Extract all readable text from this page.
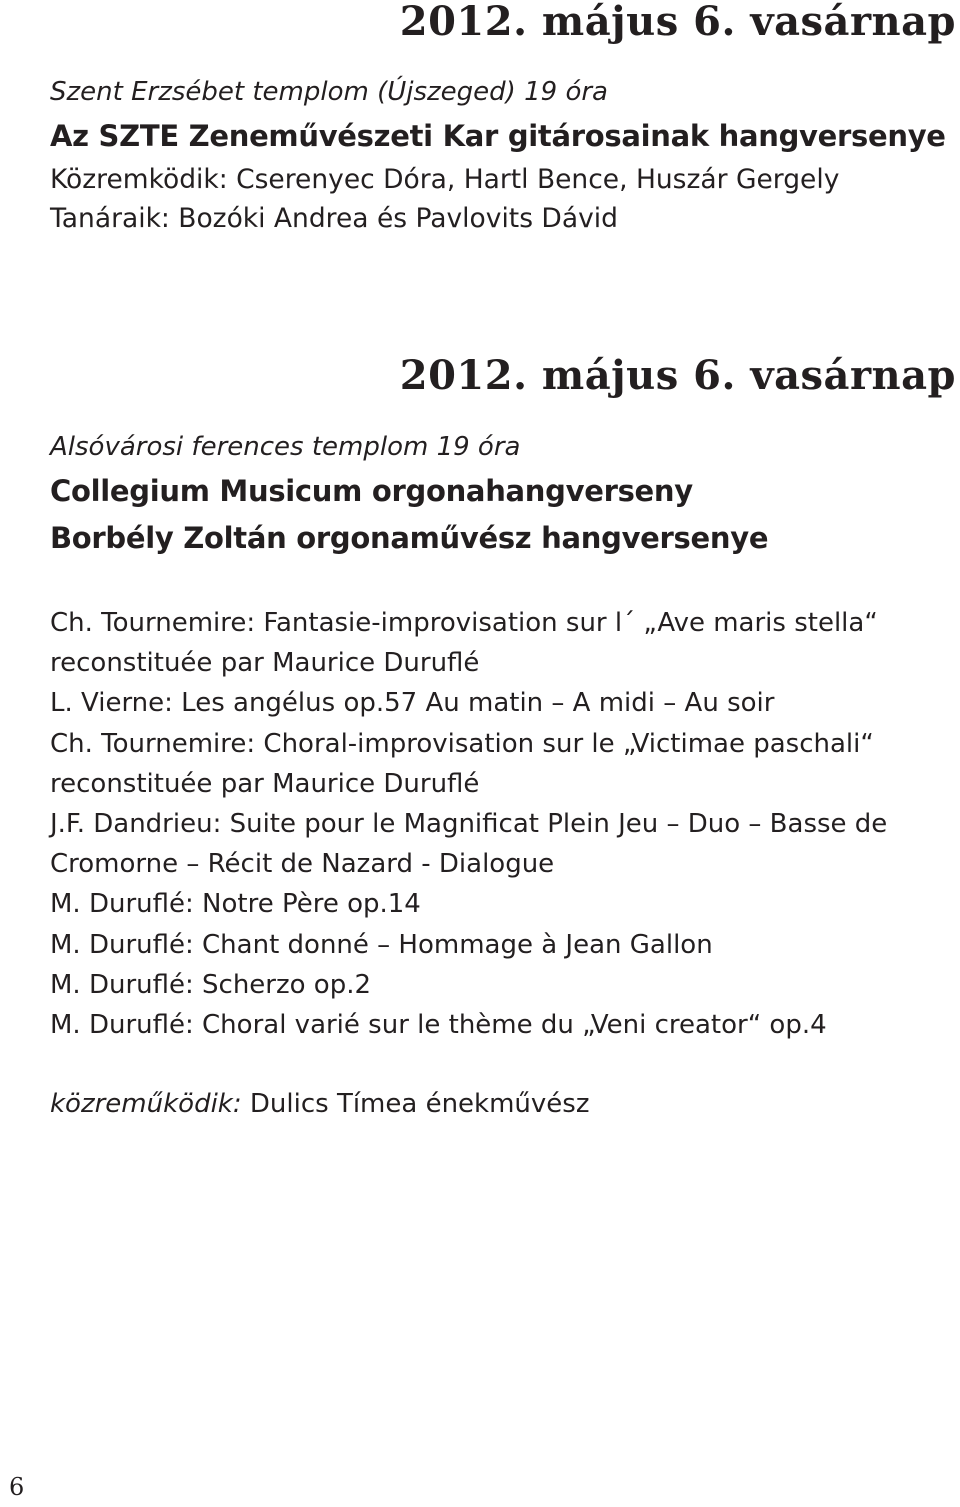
2012. május 6. vasárnap
Szent Erzsébet templom (Újszeged) 19 óra
Az SZTE Zeneművészeti Kar gitárosainak hangversenye
Közremködik: Cserenyec Dóra, Hartl Bence, Huszár Gergely
Tanáraik: Bozóki Andrea és Pavlovits Dávid
2012. május 6. vasárnap
Alsóvárosi ferences templom 19 óra
Collegium Musicum orgonahangverseny
Borbély Zoltán orgonaművész hangversenye
Ch. Tournemire: Fantasie-improvisation sur l´ „Ave maris stella“
reconstituée par Maurice Duruflé
L. Vierne: Les angélus op.57 Au matin – A midi – Au soir
Ch. Tournemire: Choral-improvisation sur le „Victimae paschali“
reconstituée par Maurice Duruflé
J.F. Dandrieu: Suite pour le Magnificat Plein Jeu – Duo – Basse de
Cromorne – Récit de Nazard - Dialogue
M. Duruflé: Notre Père op.14
M. Duruflé: Chant donné – Hommage à Jean Gallon
M. Duruflé: Scherzo op.2
M. Duruflé: Choral varié sur le thème du „Veni creator“ op.4
közreműködik: Dulics Tímea énekművész
6
